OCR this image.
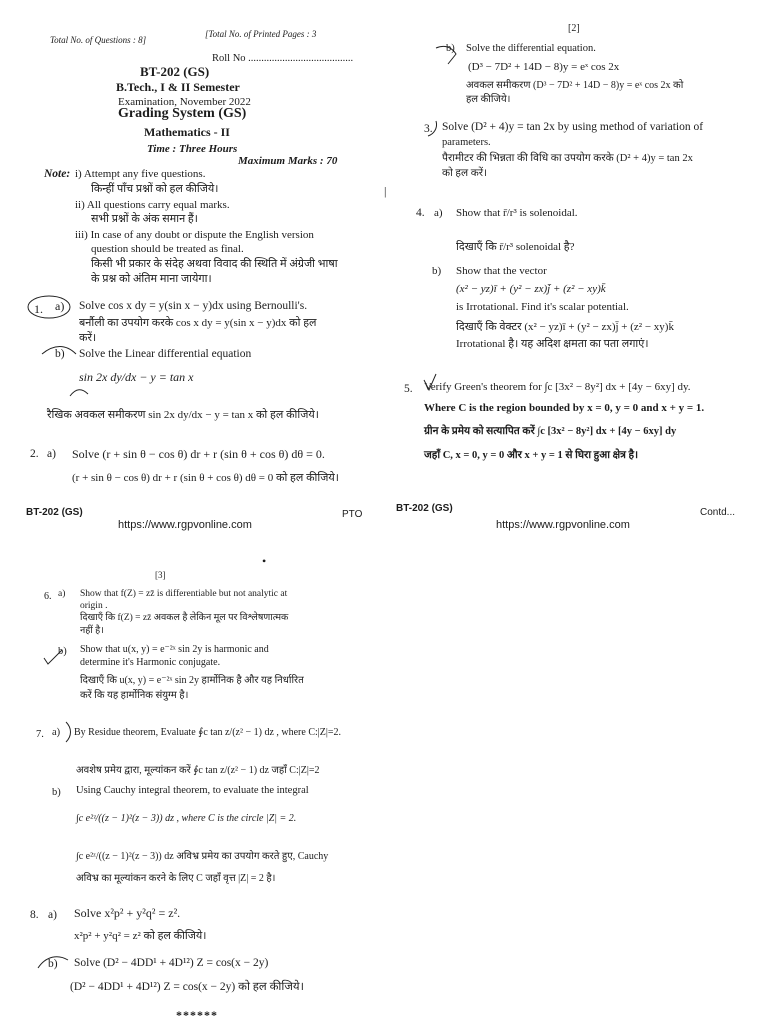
Total No. of Questions : 8]
[Total No. of Printed Pages : 3
Roll No ........................................
BT-202 (GS)
B.Tech., I & II Semester
Examination, November 2022
Grading System (GS)
Mathematics - II
Time : Three Hours
Maximum Marks : 70
Note: i) Attempt any five questions.
किन्हीं पाँच प्रश्नों को हल कीजिये।
ii) All questions carry equal marks.
सभी प्रश्नों के अंक समान हैं।
iii) In case of any doubt or dispute the English version
question should be treated as final.
किसी भी प्रकार के संदेह अथवा विवाद की स्थिति में अंग्रेजी भाषा
के प्रश्न को अंतिम माना जायेगा।
1. a) Solve cos x dy = y(sin x − y)dx using Bernoulli's.
बर्नौली का उपयोग करके cos x dy = y(sin x − y)dx को हल
करें।
b) Solve the Linear differential equation
sin 2x dy/dx − y = tan x
रैखिक अवकल समीकरण sin 2x dy/dx − y = tan x को हल कीजिये।
2. a) Solve (r + sin θ − cos θ) dr + r (sin θ + cos θ) dθ = 0.
(r + sin θ − cos θ) dr + r (sin θ + cos θ) dθ = 0 को हल कीजिये।
BT-202 (GS)	PTO
https://www.rgpvonline.com
[2]
b) Solve the differential equation.
(D³ − 7D² + 14D − 8)y = eˣ cos 2x
अवकल समीकरण (D³ − 7D² + 14D − 8)y = eˣ cos 2x को
हल कीजिये।
3. Solve (D² + 4)y = tan 2x by using method of variation of
parameters.
पैरामीटर की भिन्नता की विधि का उपयोग करके (D² + 4)y = tan 2x
को हल करें।
|
4. a) Show that r̄/r³ is solenoidal.
दिखाएँ कि r̄/r³ solenoidal है?
b) Show that the vector
(x² − yz)ī + (y² − zx)j̄ + (z² − xy)k̄
is Irrotational. Find it's scalar potential.
दिखाएँ कि वेक्टर (x² − yz)ī + (y² − zx)j̄ + (z² − xy)k̄
Irrotational है। यह अदिश क्षमता का पता लगाएं।
5. Verify Green's theorem for ∫c [3x² − 8y²] dx + [4y − 6xy] dy.
Where C is the region bounded by x = 0, y = 0 and x + y = 1.
ग्रीन के प्रमेय को सत्यापित करें ∫c [3x² − 8y²] dx + [4y − 6xy] dy
जहाँ C, x = 0, y = 0 और x + y = 1 से घिरा हुआ क्षेत्र है।
BT-202 (GS)	Contd...
https://www.rgpvonline.com
•
[3]
6. a) Show that f(Z) = zz̄ is differentiable but not analytic at
origin .
दिखाएँ कि f(Z) = zz̄ अवकल है लेकिन मूल पर विश्लेषणात्मक
नहीं है।
b) Show that u(x, y) = e⁻²ˣ sin 2y is harmonic and
determine it's Harmonic conjugate.
दिखाएँ कि u(x, y) = e⁻²ˣ sin 2y हार्मोनिक है और यह निर्धारित
करें कि यह हार्मोनिक संयुग्म है।
7. a) By Residue theorem, Evaluate ∮c tan z/(z² − 1) dz , where C:|Z|=2.
अवशेष प्रमेय द्वारा, मूल्यांकन करें ∮c tan z/(z² − 1) dz जहाँ C:|Z|=2
b) Using Cauchy integral theorem, to evaluate the integral
∫c e²ᶻ/((z − 1)²(z − 3)) dz , where C is the circle |Z| = 2.
∫c e²ᶻ/((z − 1)²(z − 3)) dz अविभ्र प्रमेय का उपयोग करते हुए, Cauchy
अविभ्र का मूल्यांकन करने के लिए C जहाँ वृत्त |Z| = 2 है।
8. a) Solve x²p² + y²q² = z².
x²p² + y²q² = z² को हल कीजिये।
b) Solve (D² − 4DD¹ + 4D¹²) Z = cos(x − 2y)
(D² − 4DD¹ + 4D¹²) Z = cos(x − 2y) को हल कीजिये।
******
